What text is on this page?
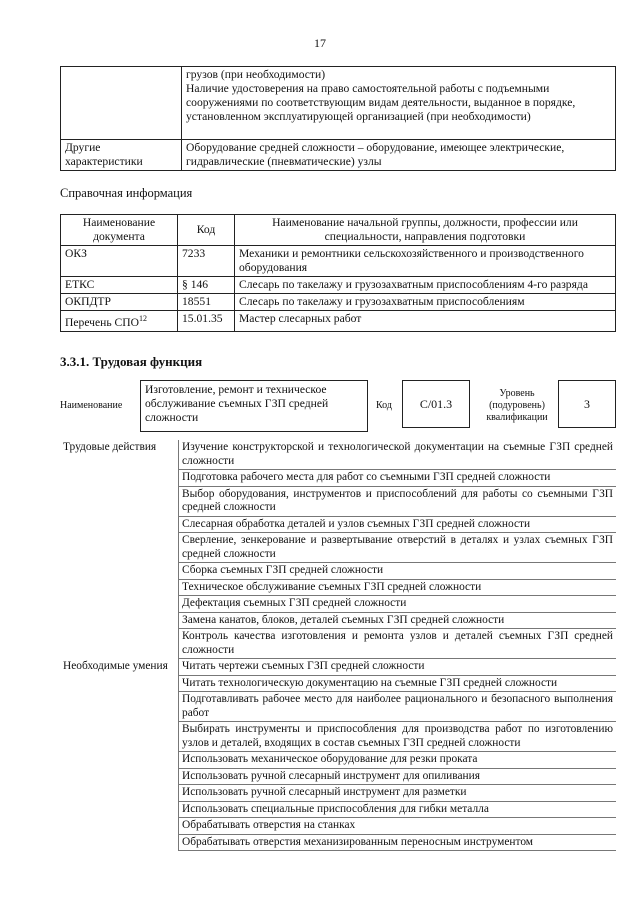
17
	грузов (при необходимости)
Наличие удостоверения на право самостоятельной работы с подъемными сооружениями по соответствующим видам деятельности, выданное в порядке, установленном эксплуатирующей организацией (при необходимости)
Другие характеристики	Оборудование средней сложности – оборудование, имеющее электрические, гидравлические (пневматические) узлы
Справочная информация
Наименование документа	Код	Наименование начальной группы, должности, профессии или специальности, направления подготовки
ОКЗ	7233	Механики и ремонтники сельскохозяйственного и производственного оборудования
ЕТКС	§ 146	Слесарь по такелажу и грузозахватным приспособлениям 4-го разряда
ОКПДТР	18551	Слесарь по такелажу и грузозахватным приспособлениям
Перечень СПО$^{12}$	15.01.35	Мастер слесарных работ
3.3.1. Трудовая функция
Наименование
Изготовление, ремонт и техническое обслуживание съемных ГЗП средней сложности
Код	C/01.3
Уровень (подуровень) квалификации
3
Трудовые действия	Изучение конструкторской и технологической документации на съемные ГЗП средней сложности
	Подготовка рабочего места для работ со съемными ГЗП средней сложности
	Выбор оборудования, инструментов и приспособлений для работы со съемными ГЗП средней сложности
	Слесарная обработка деталей и узлов съемных ГЗП средней сложности
	Сверление, зенкерование и развертывание отверстий в деталях и узлах съемных ГЗП средней сложности
	Сборка съемных ГЗП средней сложности
	Техническое обслуживание съемных ГЗП средней сложности
	Дефектация съемных ГЗП средней сложности
	Замена канатов, блоков, деталей съемных ГЗП средней сложности
	Контроль качества изготовления и ремонта узлов и деталей съемных ГЗП средней сложности
Необходимые умения	Читать чертежи съемных ГЗП средней сложности
	Читать технологическую документацию на съемные ГЗП средней сложности
	Подготавливать рабочее место для наиболее рационального и безопасного выполнения работ
	Выбирать инструменты и приспособления для производства работ по изготовлению узлов и деталей, входящих в состав съемных ГЗП средней сложности
	Использовать механическое оборудование для резки проката
	Использовать ручной слесарный инструмент для опиливания
	Использовать ручной слесарный инструмент для разметки
	Использовать специальные приспособления для гибки металла
	Обрабатывать отверстия на станках
	Обрабатывать отверстия механизированным переносным инструментом
